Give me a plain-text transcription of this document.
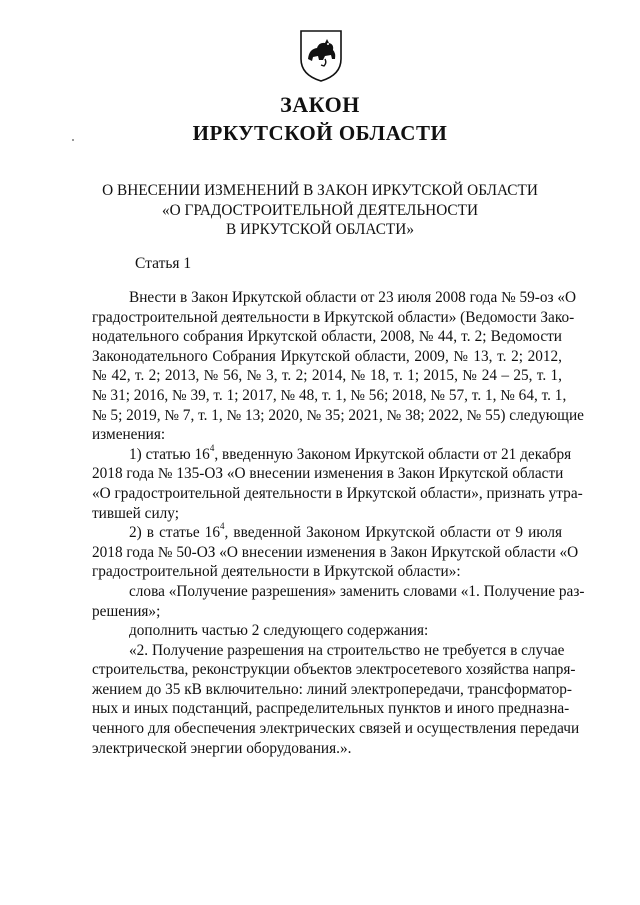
ЗАКОН
ИРКУТСКОЙ ОБЛАСТИ
О ВНЕСЕНИИ ИЗМЕНЕНИЙ В ЗАКОН ИРКУТСКОЙ ОБЛАСТИ
«О ГРАДОСТРОИТЕЛЬНОЙ ДЕЯТЕЛЬНОСТИ
В ИРКУТСКОЙ ОБЛАСТИ»
Статья 1
Внести в Закон Иркутской области от 23 июля 2008 года № 59-оз «О
градостроительной деятельности в Иркутской области» (Ведомости Зако-
нодательного собрания Иркутской области, 2008, № 44, т. 2; Ведомости
Законодательного Собрания Иркутской области, 2009, № 13, т. 2; 2012,
№ 42, т. 2; 2013, № 56, № 3, т. 2; 2014, № 18, т. 1; 2015, № 24 – 25, т. 1,
№ 31; 2016, № 39, т. 1; 2017, № 48, т. 1, № 56; 2018, № 57, т. 1, № 64, т. 1,
№ 5; 2019, № 7, т. 1, № 13; 2020, № 35; 2021, № 38; 2022, № 55) следующие
изменения:
1) статью $16^4$, введенную Законом Иркутской области от 21 декабря
2018 года № 135-ОЗ «О внесении изменения в Закон Иркутской области
«О градостроительной деятельности в Иркутской области», признать утра-
тившей силу;
2) в статье $16^4$, введенной Законом Иркутской области от 9 июля
2018 года № 50-ОЗ «О внесении изменения в Закон Иркутской области «О
градостроительной деятельности в Иркутской области»:
слова «Получение разрешения» заменить словами «1. Получение раз-
решения»;
дополнить частью 2 следующего содержания:
«2. Получение разрешения на строительство не требуется в случае
строительства, реконструкции объектов электросетевого хозяйства напря-
жением до 35 кВ включительно: линий электропередачи, трансформатор-
ных и иных подстанций, распределительных пунктов и иного предназна-
ченного для обеспечения электрических связей и осуществления передачи
электрической энергии оборудования.».
